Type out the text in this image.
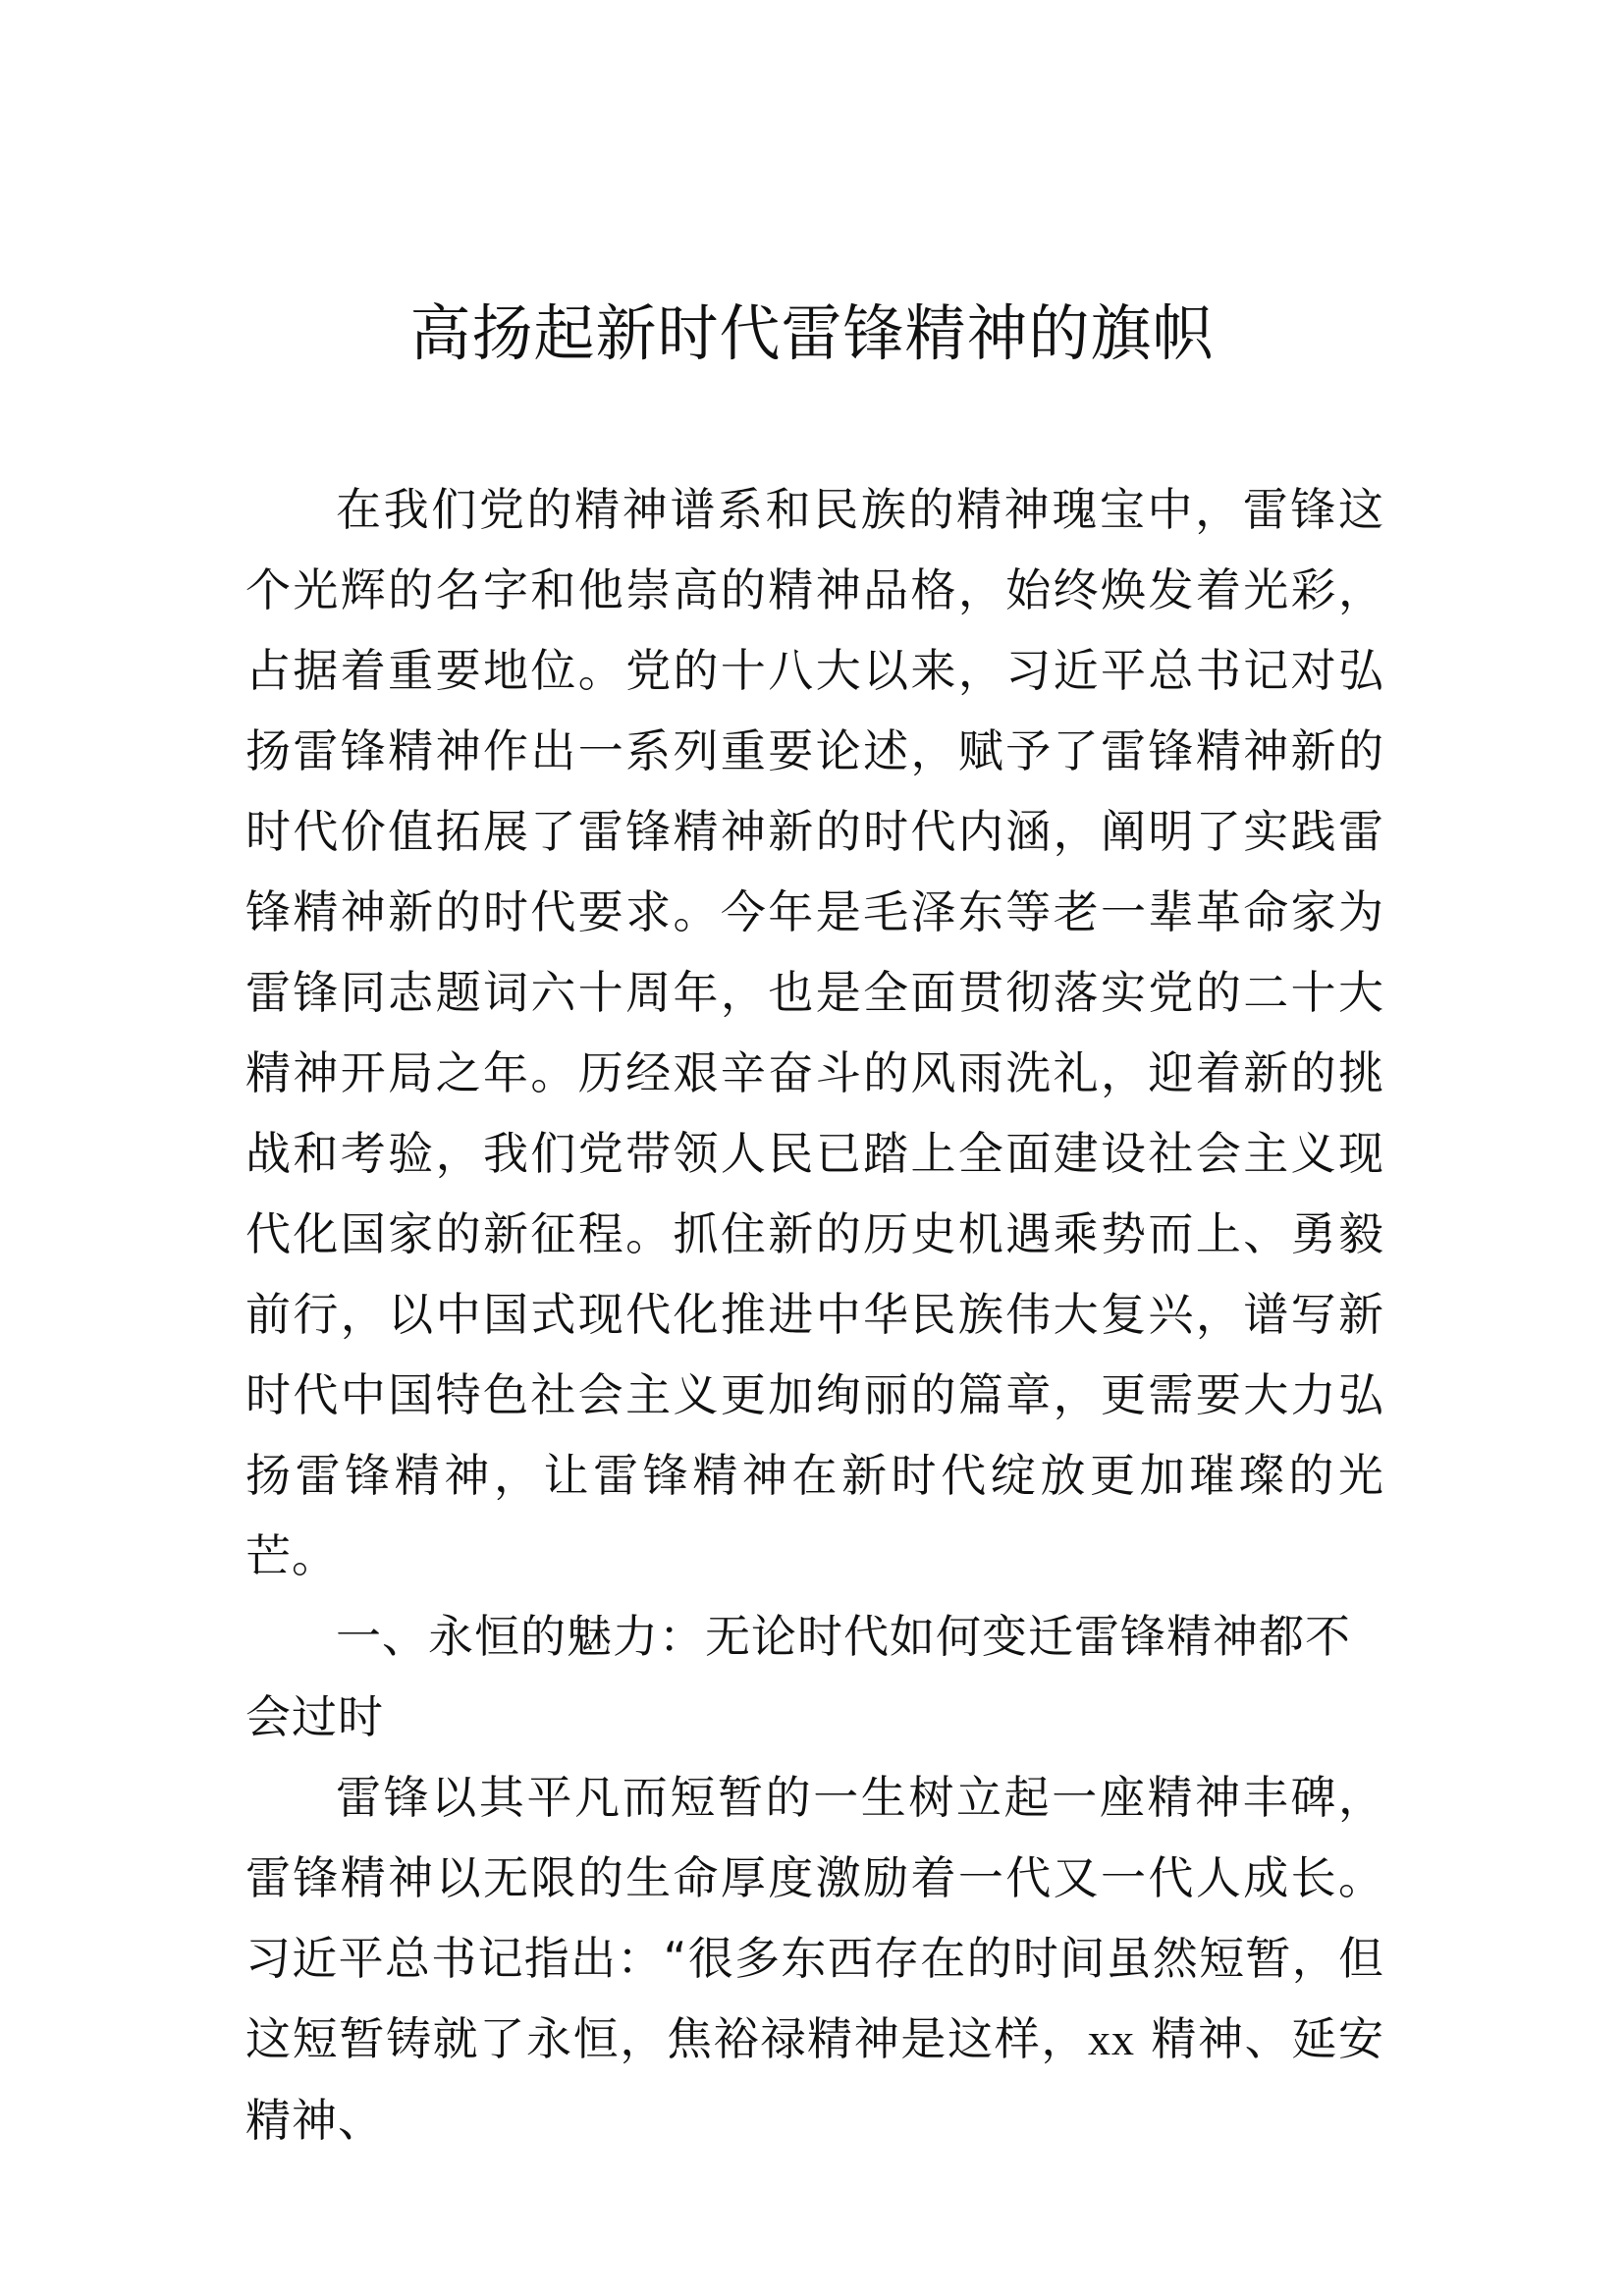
高扬起新时代雷锋精神的旗帜

在我们党的精神谱系和民族的精神瑰宝中，雷锋这个光辉的名字和他崇高的精神品格，始终焕发着光彩，占据着重要地位。党的十八大以来，习近平总书记对弘扬雷锋精神作出一系列重要论述，赋予了雷锋精神新的时代价值拓展了雷锋精神新的时代内涵，阐明了实践雷锋精神新的时代要求。今年是毛泽东等老一辈革命家为雷锋同志题词六十周年，也是全面贯彻落实党的二十大精神开局之年。历经艰辛奋斗的风雨洗礼，迎着新的挑战和考验，我们党带领人民已踏上全面建设社会主义现代化国家的新征程。抓住新的历史机遇乘势而上、勇毅前行，以中国式现代化推进中华民族伟大复兴，谱写新时代中国特色社会主义更加绚丽的篇章，更需要大力弘扬雷锋精神，让雷锋精神在新时代绽放更加璀璨的光芒。

一、永恒的魅力：无论时代如何变迁雷锋精神都不会过时

雷锋以其平凡而短暂的一生树立起一座精神丰碑，雷锋精神以无限的生命厚度激励着一代又一代人成长。习近平总书记指出：“很多东西存在的时间虽然短暂，但这短暂铸就了永恒，焦裕禄精神是这样，xx 精神、延安精神、
